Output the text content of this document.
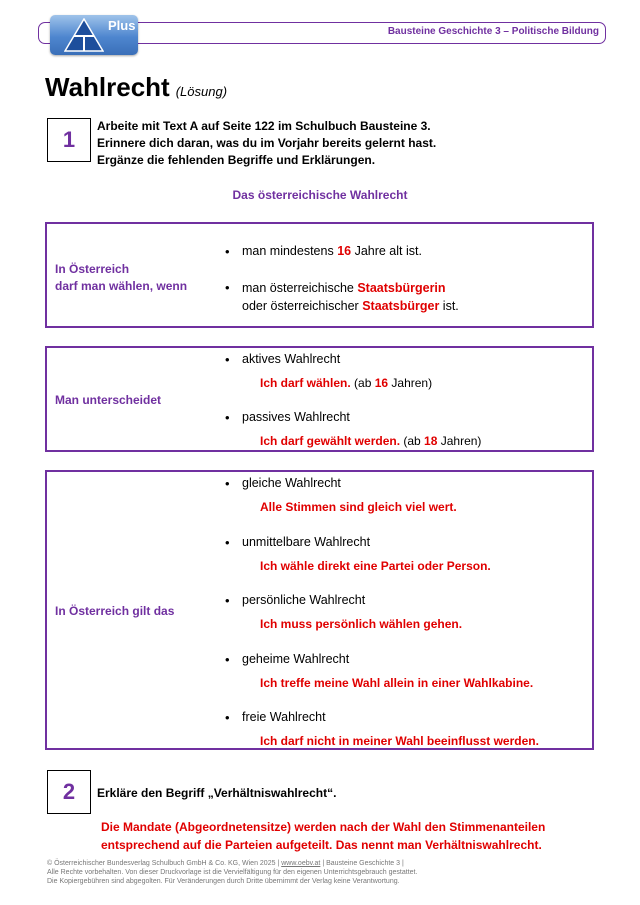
Bausteine Geschichte 3 – Politische Bildung
Plus
Wahlrecht (Lösung)
1
Arbeite mit Text A auf Seite 122 im Schulbuch Bausteine 3.
Erinnere dich daran, was du im Vorjahr bereits gelernt hast.
Ergänze die fehlenden Begriffe und Erklärungen.
Das österreichische Wahlrecht
In Österreich
darf man wählen, wenn
• man mindestens 16 Jahre alt ist.
• man österreichische Staatsbürgerin
oder österreichischer Staatsbürger ist.
Man unterscheidet
• aktives Wahlrecht
Ich darf wählen. (ab 16 Jahren)
• passives Wahlrecht
Ich darf gewählt werden. (ab 18 Jahren)
In Österreich gilt das
• gleiche Wahlrecht
Alle Stimmen sind gleich viel wert.
• unmittelbare Wahlrecht
Ich wähle direkt eine Partei oder Person.
• persönliche Wahlrecht
Ich muss persönlich wählen gehen.
• geheime Wahlrecht
Ich treffe meine Wahl allein in einer Wahlkabine.
• freie Wahlrecht
Ich darf nicht in meiner Wahl beeinflusst werden.
2	Erkläre den Begriff „Verhältniswahlrecht“.
Die Mandate (Abgeordnetensitze) werden nach der Wahl den Stimmenanteilen
entsprechend auf die Parteien aufgeteilt. Das nennt man Verhältniswahlrecht.
© Österreichischer Bundesverlag Schulbuch GmbH & Co. KG, Wien 2025 | www.oebv.at | Bausteine Geschichte 3 |
Alle Rechte vorbehalten. Von dieser Druckvorlage ist die Vervielfältigung für den eigenen Unterrichtsgebrauch gestattet.
Die Kopiergebühren sind abgegolten. Für Veränderungen durch Dritte übernimmt der Verlag keine Verantwortung.
